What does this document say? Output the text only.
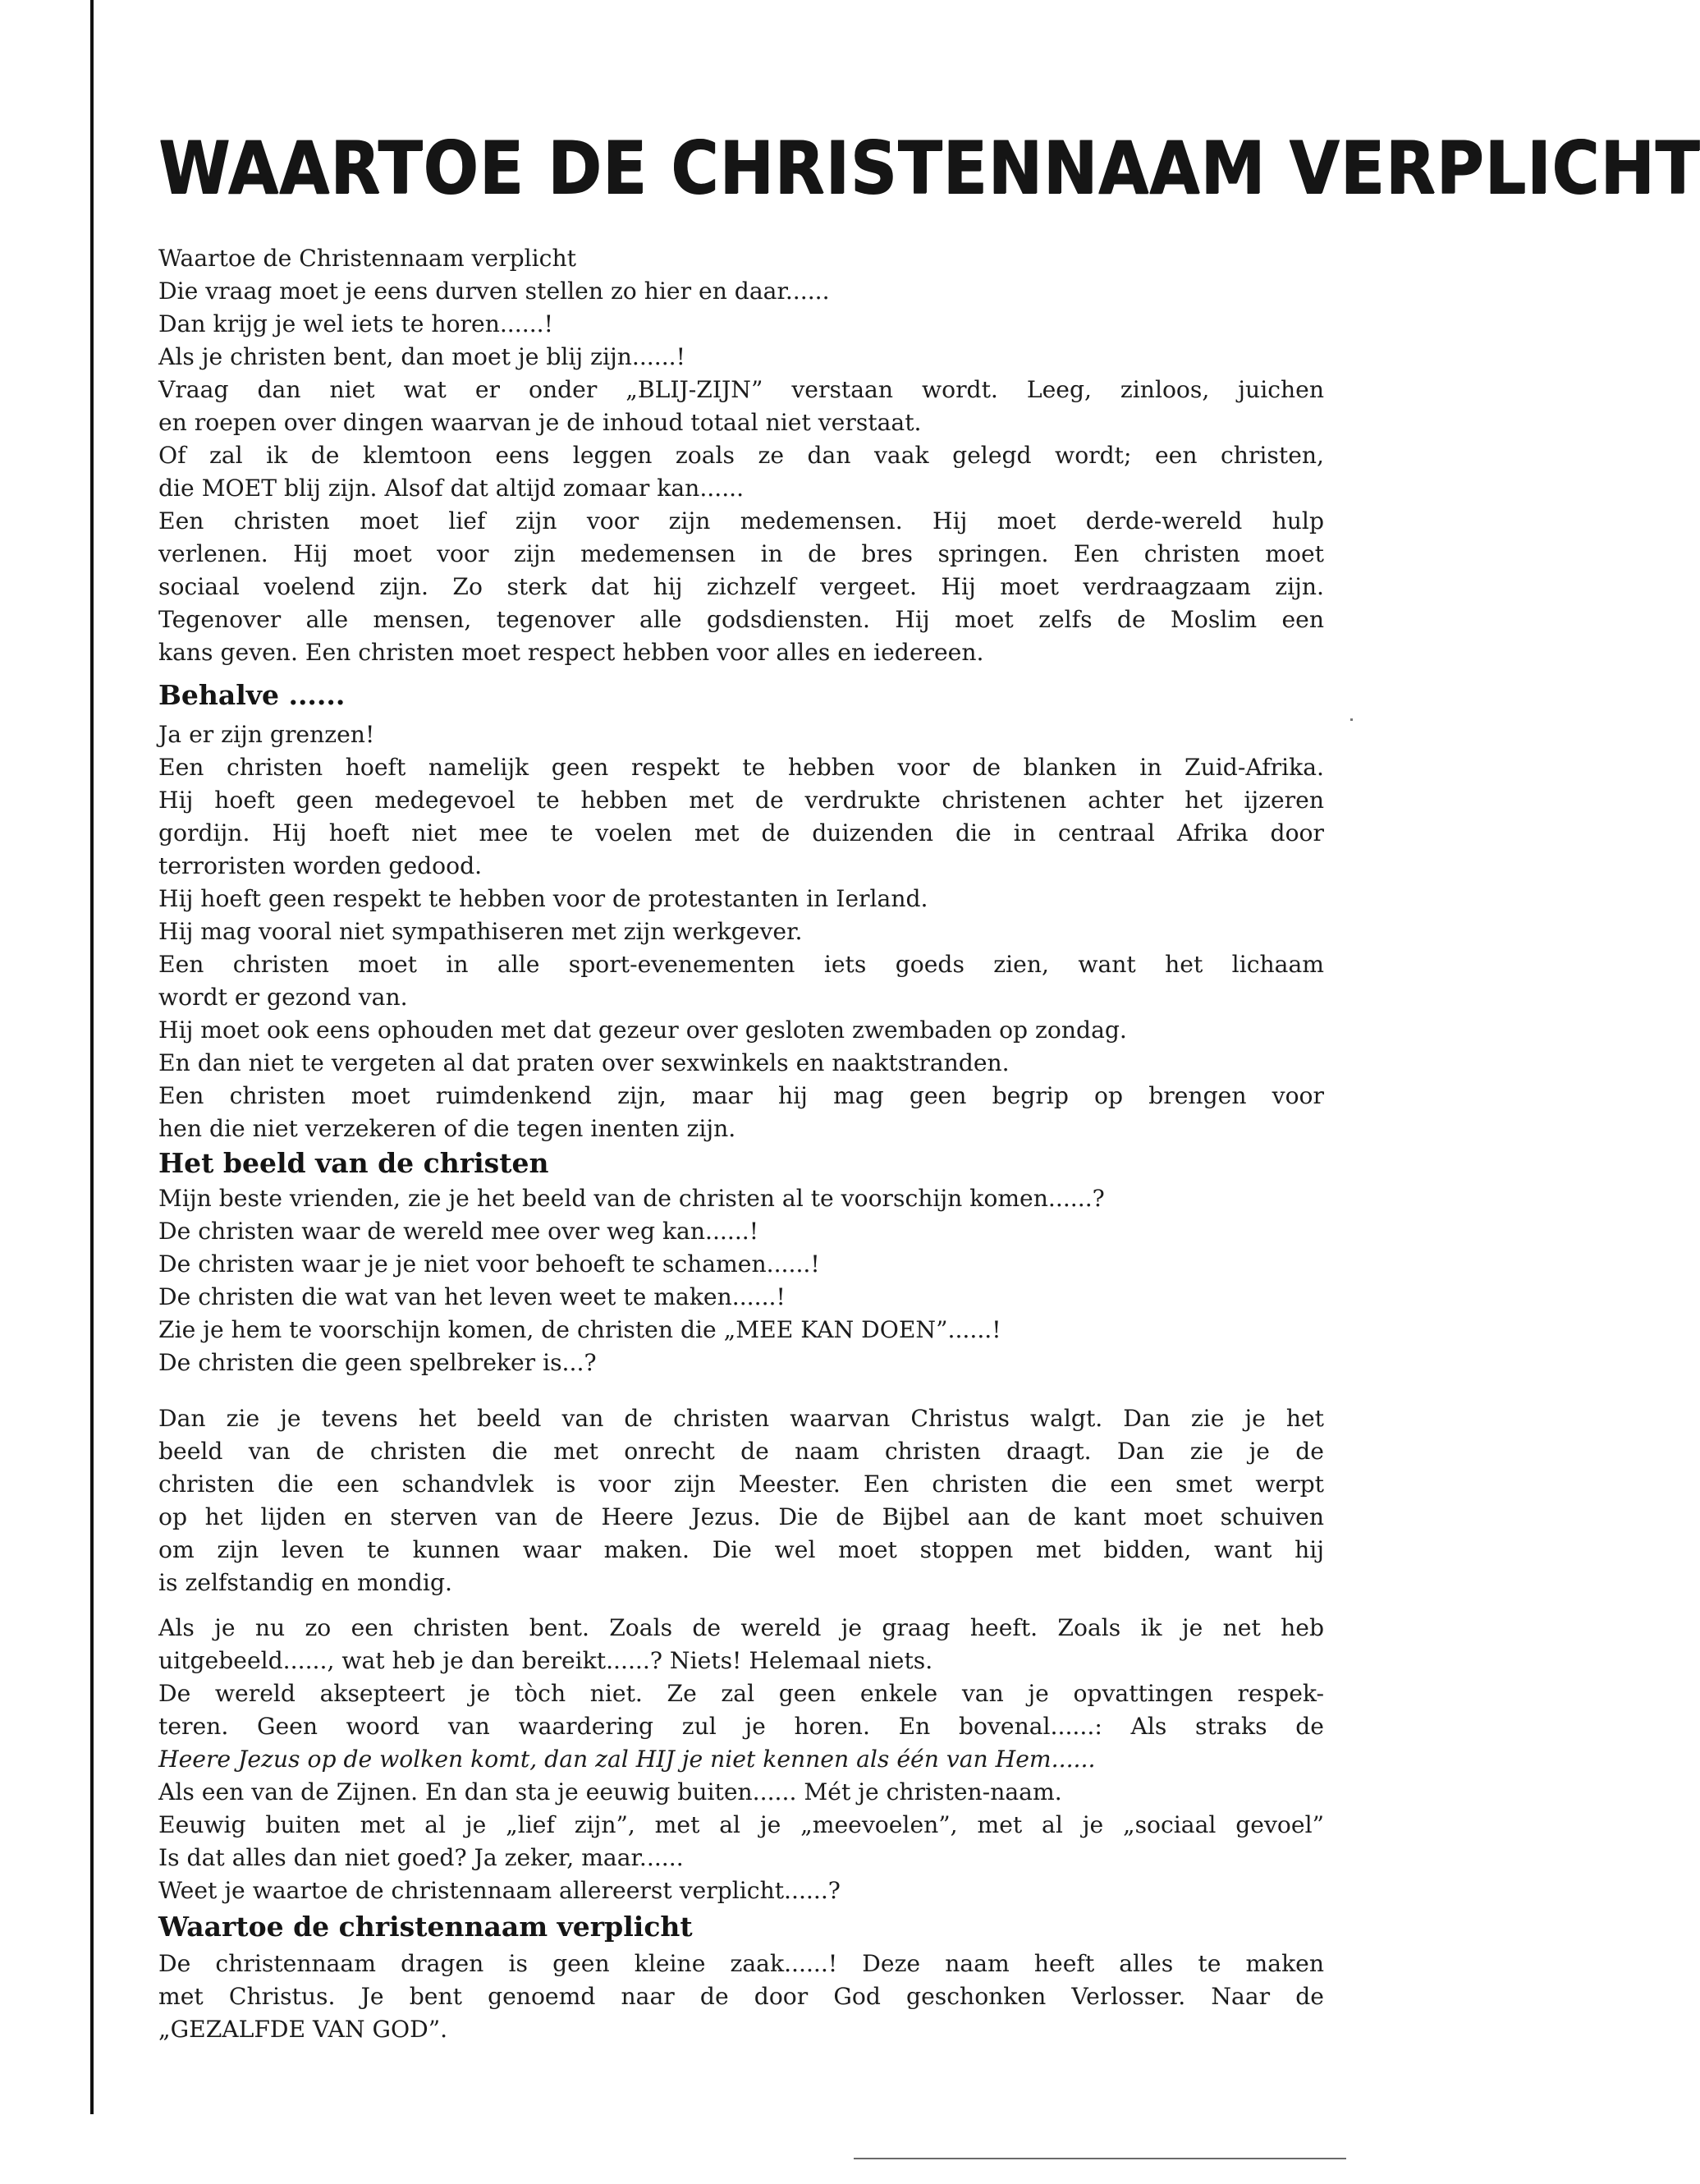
WAARTOE DE CHRISTENNAAM VERPLICHT
Waartoe de Christennaam verplicht
Die vraag moet je eens durven stellen zo hier en daar......
Dan krijg je wel iets te horen......!
Als je christen bent, dan moet je blij zijn......!
Vraag dan niet wat er onder „BLIJ-ZIJN” verstaan wordt. Leeg, zinloos, juichen
en roepen over dingen waarvan je de inhoud totaal niet verstaat.
Of zal ik de klemtoon eens leggen zoals ze dan vaak gelegd wordt; een christen,
die MOET blij zijn. Alsof dat altijd zomaar kan......
Een christen moet lief zijn voor zijn medemensen. Hij moet derde-wereld hulp
verlenen. Hij moet voor zijn medemensen in de bres springen. Een christen moet
sociaal voelend zijn. Zo sterk dat hij zichzelf vergeet. Hij moet verdraagzaam zijn.
Tegenover alle mensen, tegenover alle godsdiensten. Hij moet zelfs de Moslim een
kans geven. Een christen moet respect hebben voor alles en iedereen.
Behalve ......
Ja er zijn grenzen!
Een christen hoeft namelijk geen respekt te hebben voor de blanken in Zuid-Afrika.
Hij hoeft geen medegevoel te hebben met de verdrukte christenen achter het ijzeren
gordijn. Hij hoeft niet mee te voelen met de duizenden die in centraal Afrika door
terroristen worden gedood.
Hij hoeft geen respekt te hebben voor de protestanten in Ierland.
Hij mag vooral niet sympathiseren met zijn werkgever.
Een christen moet in alle sport-evenementen iets goeds zien, want het lichaam
wordt er gezond van.
Hij moet ook eens ophouden met dat gezeur over gesloten zwembaden op zondag.
En dan niet te vergeten al dat praten over sexwinkels en naaktstranden.
Een christen moet ruimdenkend zijn, maar hij mag geen begrip op brengen voor
hen die niet verzekeren of die tegen inenten zijn.
Het beeld van de christen
Mijn beste vrienden, zie je het beeld van de christen al te voorschijn komen......?
De christen waar de wereld mee over weg kan......!
De christen waar je je niet voor behoeft te schamen......!
De christen die wat van het leven weet te maken......!
Zie je hem te voorschijn komen, de christen die „MEE KAN DOEN”......!
De christen die geen spelbreker is...?
Dan zie je tevens het beeld van de christen waarvan Christus walgt. Dan zie je het
beeld van de christen die met onrecht de naam christen draagt. Dan zie je de
christen die een schandvlek is voor zijn Meester. Een christen die een smet werpt
op het lijden en sterven van de Heere Jezus. Die de Bijbel aan de kant moet schuiven
om zijn leven te kunnen waar maken. Die wel moet stoppen met bidden, want hij
is zelfstandig en mondig.
Als je nu zo een christen bent. Zoals de wereld je graag heeft. Zoals ik je net heb
uitgebeeld......, wat heb je dan bereikt......? Niets! Helemaal niets.
De wereld aksepteert je tòch niet. Ze zal geen enkele van je opvattingen respek-
teren. Geen woord van waardering zul je horen. En bovenal......: Als straks de
Heere Jezus op de wolken komt, dan zal HIJ je niet kennen als één van Hem......
Als een van de Zijnen. En dan sta je eeuwig buiten...... Mét je christen-naam.
Eeuwig buiten met al je „lief zijn”, met al je „meevoelen”, met al je „sociaal gevoel”
Is dat alles dan niet goed? Ja zeker, maar......
Weet je waartoe de christennaam allereerst verplicht......?
Waartoe de christennaam verplicht
De christennaam dragen is geen kleine zaak......! Deze naam heeft alles te maken
met Christus. Je bent genoemd naar de door God geschonken Verlosser. Naar de
„GEZALFDE VAN GOD”.
